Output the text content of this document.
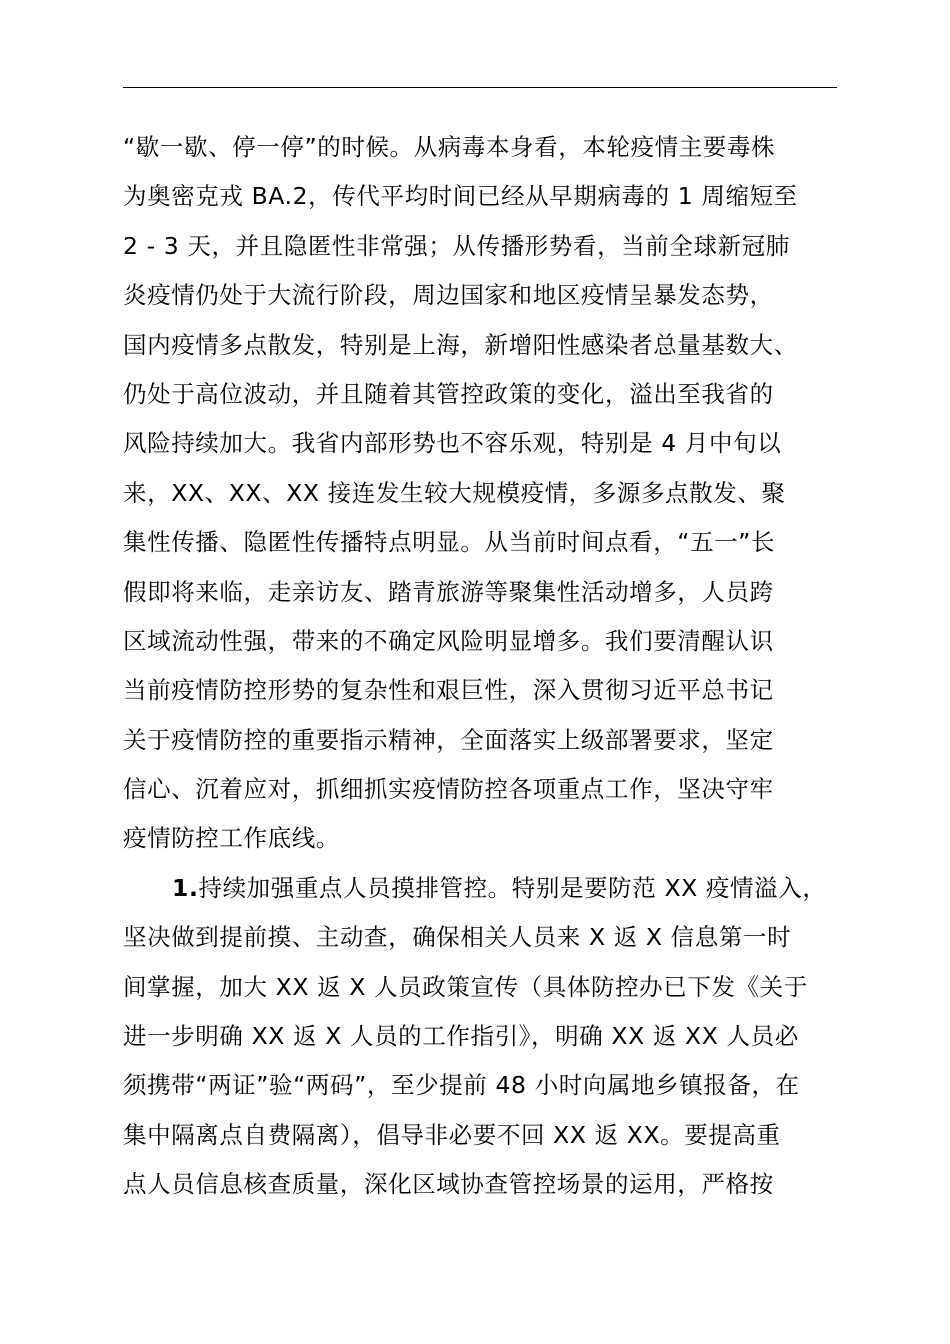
“歇一歇、停一停”的时候。从病毒本身看，本轮疫情主要毒株
为奥密克戎 BA.2，传代平均时间已经从早期病毒的 1 周缩短至
2 - 3 天，并且隐匿性非常强；从传播形势看，当前全球新冠肺
炎疫情仍处于大流行阶段，周边国家和地区疫情呈暴发态势，
国内疫情多点散发，特别是上海，新增阳性感染者总量基数大、
仍处于高位波动，并且随着其管控政策的变化，溢出至我省的
风险持续加大。我省内部形势也不容乐观，特别是 4 月中旬以
来，XX、XX、XX 接连发生较大规模疫情，多源多点散发、聚
集性传播、隐匿性传播特点明显。从当前时间点看，“五一”长
假即将来临，走亲访友、踏青旅游等聚集性活动增多，人员跨
区域流动性强，带来的不确定风险明显增多。我们要清醒认识
当前疫情防控形势的复杂性和艰巨性，深入贯彻习近平总书记
关于疫情防控的重要指示精神，全面落实上级部署要求，坚定
信心、沉着应对，抓细抓实疫情防控各项重点工作，坚决守牢
疫情防控工作底线。
1.持续加强重点人员摸排管控。特别是要防范 XX 疫情溢入，
坚决做到提前摸、主动查，确保相关人员来 X 返 X 信息第一时
间掌握，加大 XX 返 X 人员政策宣传（具体防控办已下发《关于
进一步明确 XX 返 X 人员的工作指引》，明确 XX 返 XX 人员必
须携带“两证”验“两码”，至少提前 48 小时向属地乡镇报备，在
集中隔离点自费隔离），倡导非必要不回 XX 返 XX。要提高重
点人员信息核查质量，深化区域协查管控场景的运用，严格按
